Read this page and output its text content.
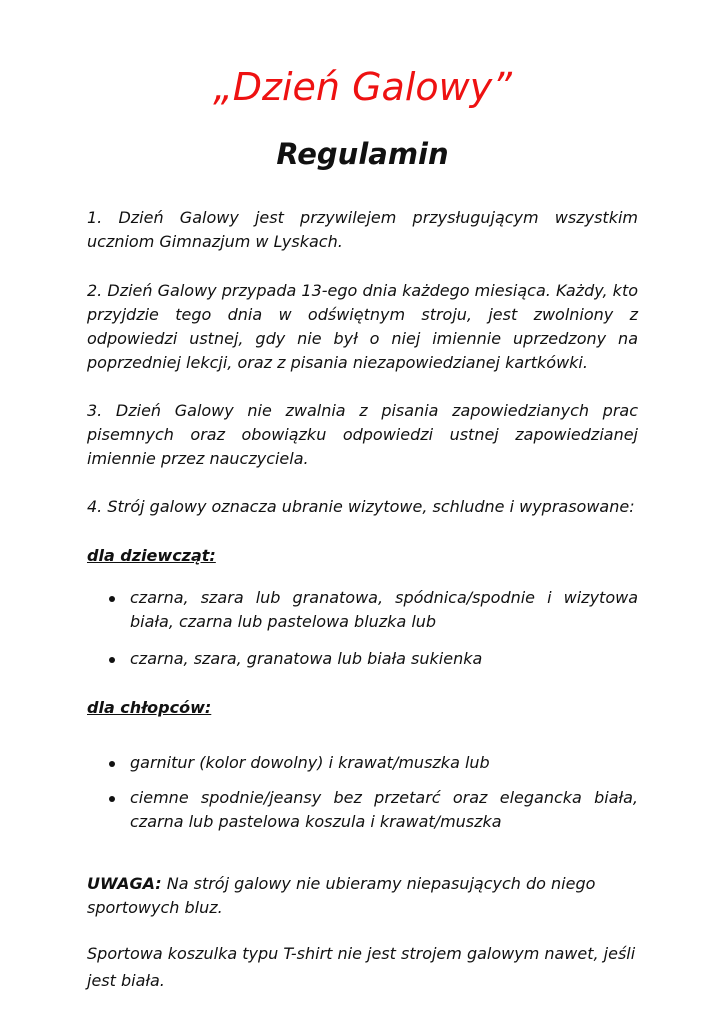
„Dzień Galowy”
Regulamin

1. Dzień Galowy jest przywilejem przysługującym wszystkim uczniom Gimnazjum w Lyskach.

2. Dzień Galowy przypada 13-ego dnia każdego miesiąca. Każdy, kto przyjdzie tego dnia w odświętnym stroju, jest zwolniony z odpowiedzi ustnej, gdy nie był o niej imiennie uprzedzony na poprzedniej lekcji, oraz z pisania niezapowiedzianej kartkówki.

3. Dzień Galowy nie zwalnia z pisania zapowiedzianych prac pisemnych oraz obowiązku odpowiedzi ustnej zapowiedzianej imiennie przez nauczyciela.

4. Strój galowy oznacza ubranie wizytowe, schludne i wyprasowane:

dla dziewcząt:

czarna, szara lub granatowa, spódnica/spodnie i wizytowa biała, czarna lub pastelowa bluzka lub
czarna, szara, granatowa lub biała sukienka

dla chłopców:

garnitur (kolor dowolny) i krawat/muszka lub
ciemne spodnie/jeansy bez przetarć oraz elegancka biała, czarna lub pastelowa koszula i krawat/muszka

UWAGA: Na strój galowy nie ubieramy niepasujących do niego sportowych bluz.

Sportowa koszulka typu T-shirt nie jest strojem galowym nawet, jeśli jest biała.
